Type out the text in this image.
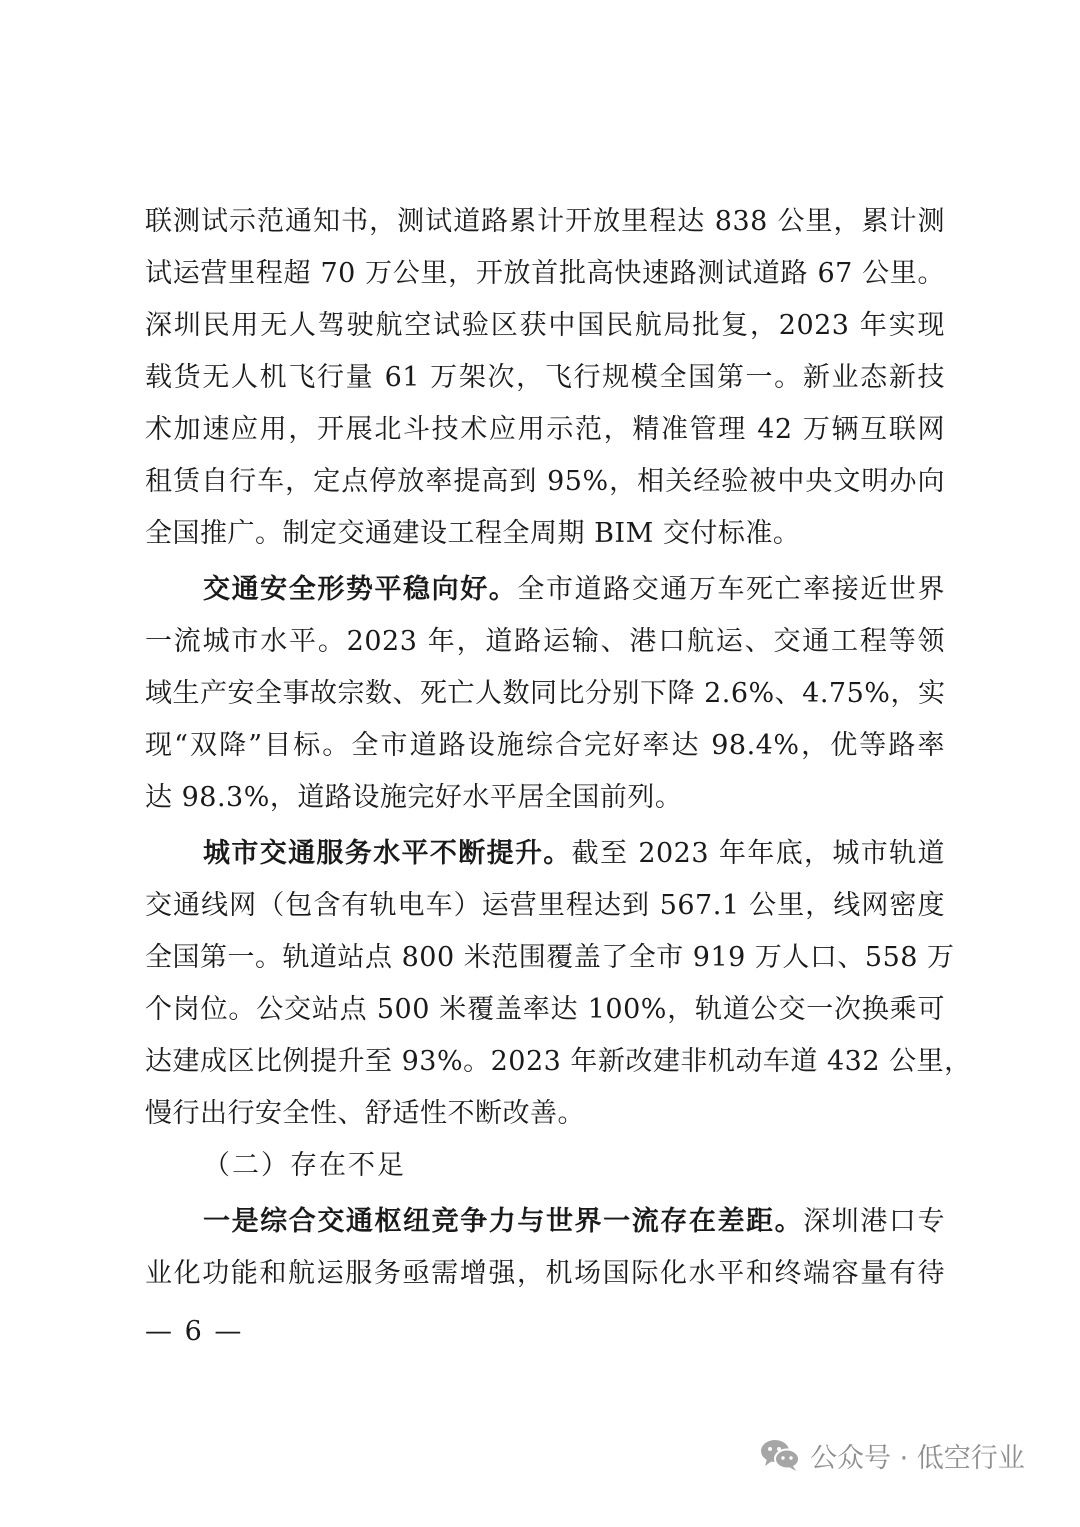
联测试示范通知书，测试道路累计开放里程达 838 公里，累计测
试运营里程超 70 万公里，开放首批高快速路测试道路 67 公里。
深圳民用无人驾驶航空试验区获中国民航局批复，2023 年实现
载货无人机飞行量 61 万架次，飞行规模全国第一。新业态新技
术加速应用，开展北斗技术应用示范，精准管理 42 万辆互联网
租赁自行车，定点停放率提高到 95%，相关经验被中央文明办向
全国推广。制定交通建设工程全周期 BIM 交付标准。
交通安全形势平稳向好。全市道路交通万车死亡率接近世界
一流城市水平。2023 年，道路运输、港口航运、交通工程等领
域生产安全事故宗数、死亡人数同比分别下降 2.6%、4.75%，实
现“双降”目标。全市道路设施综合完好率达 98.4%，优等路率
达 98.3%，道路设施完好水平居全国前列。
城市交通服务水平不断提升。截至 2023 年年底，城市轨道
交通线网（包含有轨电车）运营里程达到 567.1 公里，线网密度
全国第一。轨道站点 800 米范围覆盖了全市 919 万人口、558 万
个岗位。公交站点 500 米覆盖率达 100%，轨道公交一次换乘可
达建成区比例提升至 93%。2023 年新改建非机动车道 432 公里，
慢行出行安全性、舒适性不断改善。
（二）存在不足
一是综合交通枢纽竞争力与世界一流存在差距。深圳港口专
业化功能和航运服务亟需增强，机场国际化水平和终端容量有待
— 6 —
公众号 · 低空行业
